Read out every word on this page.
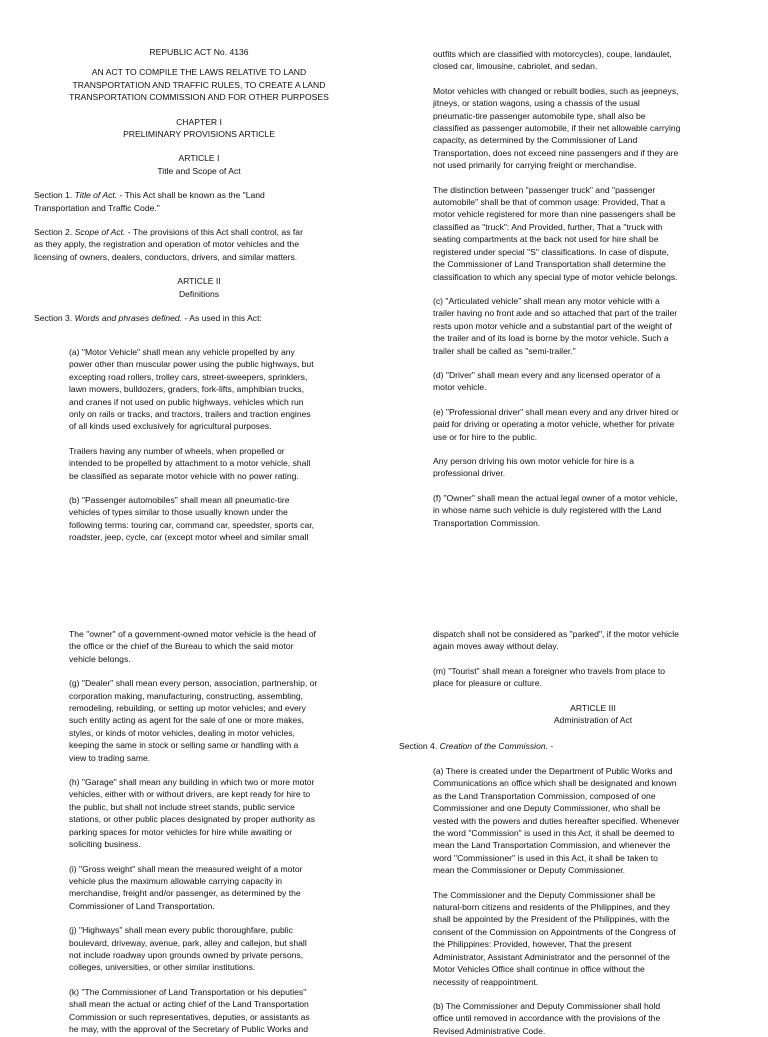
REPUBLIC ACT No. 4136

AN ACT TO COMPILE THE LAWS RELATIVE TO LAND

TRANSPORTATION AND TRAFFIC RULES, TO CREATE A LAND

TRANSPORTATION COMMISSION AND FOR OTHER PURPOSES

CHAPTER I

PRELIMINARY PROVISIONS ARTICLE

ARTICLE I

Title and Scope of Act

Section 1. Title of Act. - This Act shall be known as the "Land

Transportation and Traffic Code."

Section 2. Scope of Act. - The provisions of this Act shall control, as far

as they apply, the registration and operation of motor vehicles and the

licensing of owners, dealers, conductors, drivers, and similar matters.

ARTICLE II

Definitions

Section 3. Words and phrases defined. - As used in this Act:

(a) "Motor Vehicle" shall mean any vehicle propelled by any

power other than muscular power using the public highways, but

excepting road rollers, trolley cars, street-sweepers, sprinklers,

lawn mowers, bulldozers, graders, fork-lifts, amphibian trucks,

and cranes if not used on public highways, vehicles which run

only on rails or tracks, and tractors, trailers and traction engines

of all kinds used exclusively for agricultural purposes.

Trailers having any number of wheels, when propelled or

intended to be propelled by attachment to a motor vehicle, shall

be classified as separate motor vehicle with no power rating.

(b) "Passenger automobiles" shall mean all pneumatic-tire

vehicles of types similar to those usually known under the

following terms: touring car, command car, speedster, sports car,

roadster, jeep, cycle, car (except motor wheel and similar small

outfits which are classified with motorcycles), coupe, landaulet,

closed car, limousine, cabriolet, and sedan.

Motor vehicles with changed or rebuilt bodies, such as jeepneys,

jitneys, or station wagons, using a chassis of the usual

pneumatic-tire passenger automobile type, shall also be

classified as passenger automobile, if their net allowable carrying

capacity, as determined by the Commissioner of Land

Transportation, does not exceed nine passengers and if they are

not used primarily for carrying freight or merchandise.

The distinction between "passenger truck" and "passenger

automobile" shall be that of common usage: Provided, That a

motor vehicle registered for more than nine passengers shall be

classified as "truck": And Provided, further, That a "truck with

seating compartments at the back not used for hire shall be

registered under special "S" classifications. In case of dispute,

the Commissioner of Land Transportation shall determine the

classification to which any special type of motor vehicle belongs.

(c) "Articulated vehicle" shall mean any motor vehicle with a

trailer having no front axle and so attached that part of the trailer

rests upon motor vehicle and a substantial part of the weight of

the trailer and of its load is borne by the motor vehicle. Such a

trailer shall be called as "semi-trailer."

(d) "Driver" shall mean every and any licensed operator of a

motor vehicle.

(e) "Professional driver" shall mean every and any driver hired or

paid for driving or operating a motor vehicle, whether for private

use or for hire to the public.

Any person driving his own motor vehicle for hire is a

professional driver.

(f) "Owner" shall mean the actual legal owner of a motor vehicle,

in whose name such vehicle is duly registered with the Land

Transportation Commission.

The "owner" of a government-owned motor vehicle is the head of

the office or the chief of the Bureau to which the said motor

vehicle belongs.

(g) "Dealer" shall mean every person, association, partnership, or

corporation making, manufacturing, constructing, assembling,

remodeling, rebuilding, or setting up motor vehicles; and every

such entity acting as agent for the sale of one or more makes,

styles, or kinds of motor vehicles, dealing in motor vehicles,

keeping the same in stock or selling same or handling with a

view to trading same.

(h) "Garage" shall mean any building in which two or more motor

vehicles, either with or without drivers, are kept ready for hire to

the public, but shall not include street stands, public service

stations, or other public places designated by proper authority as

parking spaces for motor vehicles for hire while awaiting or

soliciting business.

(i) "Gross weight" shall mean the measured weight of a motor

vehicle plus the maximum allowable carrying capacity in

merchandise, freight and/or passenger, as determined by the

Commissioner of Land Transportation.

(j) "Highways" shall mean every public thoroughfare, public

boulevard, driveway, avenue, park, alley and callejon, but shall

not include roadway upon grounds owned by private persons,

colleges, universities, or other similar institutions.

(k) "The Commissioner of Land Transportation or his deputies"

shall mean the actual or acting chief of the Land Transportation

Commission or such representatives, deputies, or assistants as

he may, with the approval of the Secretary of Public Works and

dispatch shall not be considered as "parked", if the motor vehicle

again moves away without delay.

(m) "Tourist" shall mean a foreigner who travels from place to

place for pleasure or culture.

ARTICLE III

Administration of Act

Section 4. Creation of the Commission. -

(a) There is created under the Department of Public Works and

Communications an office which shall be designated and known

as the Land Transportation Commission, composed of one

Commissioner and one Deputy Commissioner, who shall be

vested with the powers and duties hereafter specified. Whenever

the word "Commission" is used in this Act, it shall be deemed to

mean the Land Transportation Commission, and whenever the

word "Commissioner" is used in this Act, it shall be taken to

mean the Commissioner or Deputy Commissioner.

The Commissioner and the Deputy Commissioner shall be

natural-born citizens and residents of the Philippines, and they

shall be appointed by the President of the Philippines, with the

consent of the Commission on Appointments of the Congress of

the Philippines: Provided, however, That the present

Administrator, Assistant Administrator and the personnel of the

Motor Vehicles Office shall continue in office without the

necessity of reappointment.

(b) The Commissioner and Deputy Commissioner shall hold

office until removed in accordance with the provisions of the

Revised Administrative Code.
